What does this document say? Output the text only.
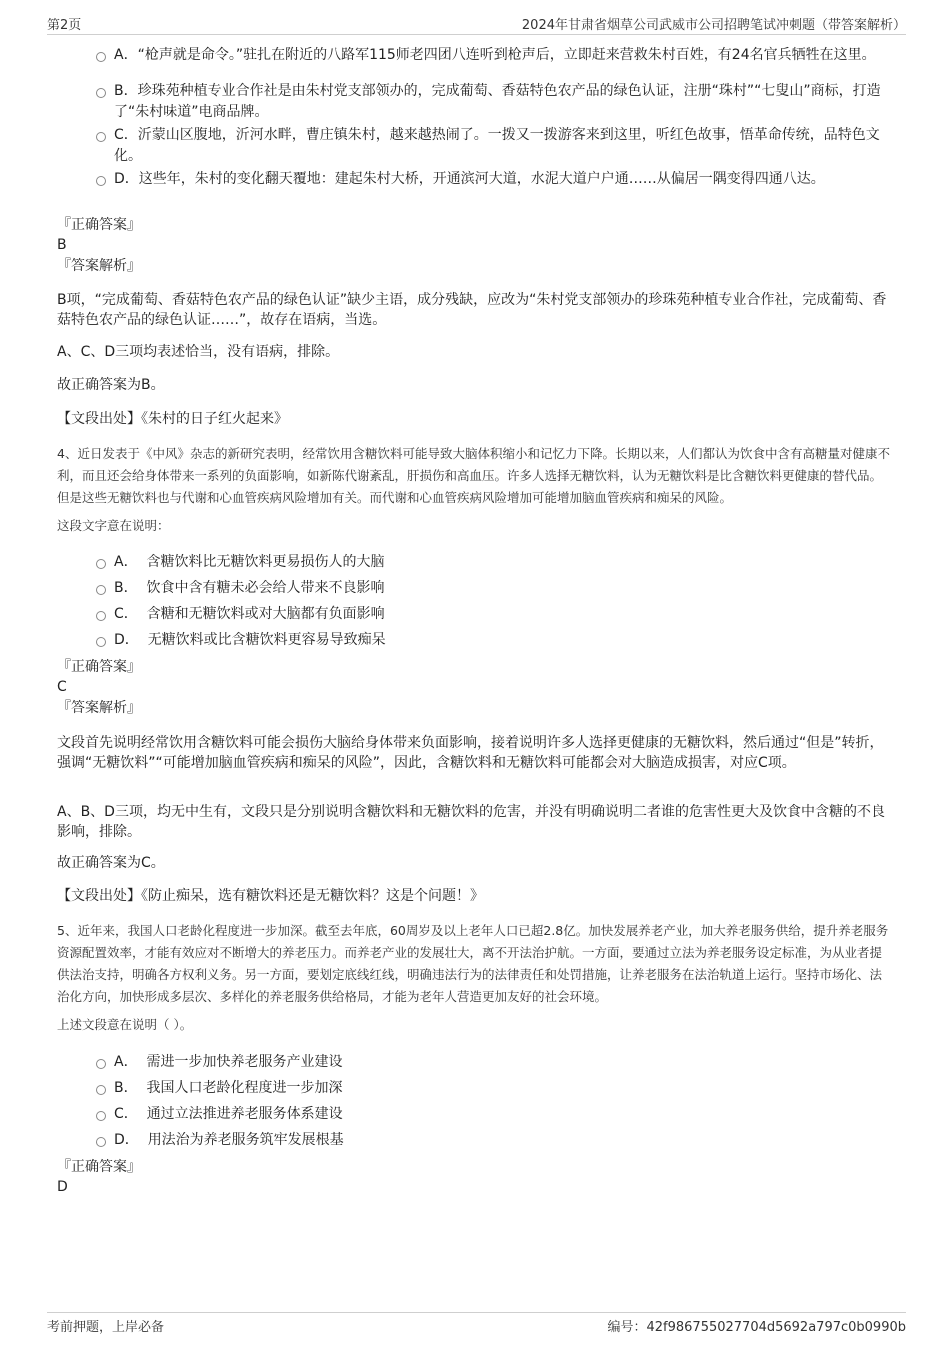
第2页	2024年甘肃省烟草公司武威市公司招聘笔试冲刺题（带答案解析）
A．“枪声就是命令。”驻扎在附近的八路军115师老四团八连听到枪声后，立即赶来营救朱村百姓，有24名官兵牺牲在这里。
B．珍珠苑种植专业合作社是由朱村党支部领办的，完成葡萄、香菇特色农产品的绿色认证，注册“珠村”“七叟山”商标，打造了“朱村味道”电商品牌。
C．沂蒙山区腹地，沂河水畔，曹庄镇朱村，越来越热闹了。一拨又一拨游客来到这里，听红色故事，悟革命传统，品特色文化。
D．这些年，朱村的变化翻天覆地：建起朱村大桥，开通滨河大道，水泥大道户户通……从偏居一隅变得四通八达。
『正确答案』
B
『答案解析』
B项，“完成葡萄、香菇特色农产品的绿色认证”缺少主语，成分残缺，应改为“朱村党支部领办的珍珠苑种植专业合作社，完成葡萄、香菇特色农产品的绿色认证……”，故存在语病，当选。
A、C、D三项均表述恰当，没有语病，排除。
故正确答案为B。
【文段出处】《朱村的日子红火起来》
4、近日发表于《中风》杂志的新研究表明，经常饮用含糖饮料可能导致大脑体积缩小和记忆力下降。长期以来，人们都认为饮食中含有高糖量对健康不利，而且还会给身体带来一系列的负面影响，如新陈代谢紊乱，肝损伤和高血压。许多人选择无糖饮料，认为无糖饮料是比含糖饮料更健康的替代品。但是这些无糖饮料也与代谢和心血管疾病风险增加有关。而代谢和心血管疾病风险增加可能增加脑血管疾病和痴呆的风险。
这段文字意在说明：
A． 含糖饮料比无糖饮料更易损伤人的大脑
B． 饮食中含有糖未必会给人带来不良影响
C． 含糖和无糖饮料或对大脑都有负面影响
D． 无糖饮料或比含糖饮料更容易导致痴呆
『正确答案』
C
『答案解析』
文段首先说明经常饮用含糖饮料可能会损伤大脑给身体带来负面影响，接着说明许多人选择更健康的无糖饮料，然后通过“但是”转折，强调“无糖饮料”“可能增加脑血管疾病和痴呆的风险”，因此，含糖饮料和无糖饮料可能都会对大脑造成损害，对应C项。
A、B、D三项，均无中生有，文段只是分别说明含糖饮料和无糖饮料的危害，并没有明确说明二者谁的危害性更大及饮食中含糖的不良影响，排除。
故正确答案为C。
【文段出处】《防止痴呆，选有糖饮料还是无糖饮料？这是个问题！》
5、近年来，我国人口老龄化程度进一步加深。截至去年底，60周岁及以上老年人口已超2.8亿。加快发展养老产业，加大养老服务供给，提升养老服务资源配置效率，才能有效应对不断增大的养老压力。而养老产业的发展壮大，离不开法治护航。一方面，要通过立法为养老服务设定标准，为从业者提供法治支持，明确各方权利义务。另一方面，要划定底线红线，明确违法行为的法律责任和处罚措施，让养老服务在法治轨道上运行。坚持市场化、法治化方向，加快形成多层次、多样化的养老服务供给格局，才能为老年人营造更加友好的社会环境。
上述文段意在说明（ ）。
A． 需进一步加快养老服务产业建设
B． 我国人口老龄化程度进一步加深
C． 通过立法推进养老服务体系建设
D． 用法治为养老服务筑牢发展根基
『正确答案』
D
考前押题，上岸必备	编号：42f986755027704d5692a797c0b0990b
